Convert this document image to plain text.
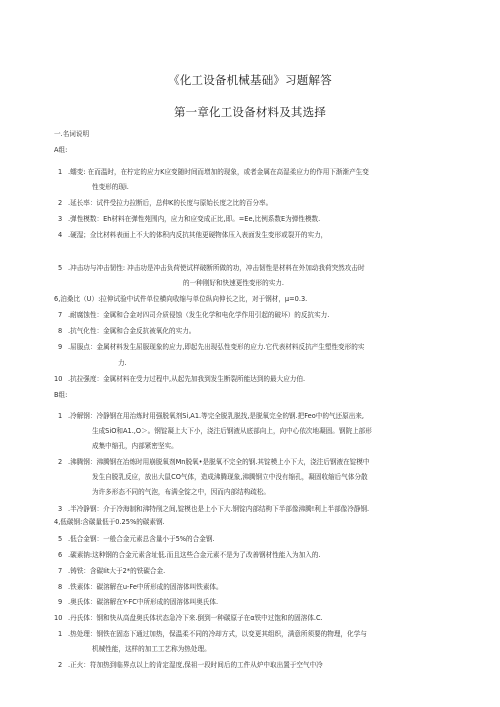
《化工设备机械基础》习题解答
第一章化工设备材料及其选择
一.名词说明
A组:
1 .蠕变: 在而温时，在柠定的应力K应变随时间而增加的现象，或者金属在高湿柔应力的作用下渐渐产生变
性变形的现i.
2 .延长率：试件受拉力拉断后，总伸K的长度与原始长度之比的百分率。
3 .弹性模数：Eh材料在弹性苑围内，应力和应变成正比,即。=Ee,比例系数E为弹性模数.
4 .硬湿；佥比材料表面上不大的体积内反抗其他更硬物体压入表面发生变形或裂开的实力，
5 .冲击功与冲击韧性: 冲击功是冲击负荷使试样破断所做的功，冲击韧性是材料在外加动我荷突然攻击时
的一种刚好和快速更性变形的实力.
6,泊桑比（U）:拉伸试验中试件单位横向收缩与单位纵向伸长之比，对于钢材，μ=0.3.
7 .耐腐蚀性：金属和合金对四司介质侵蚀（发生化学和电化学作用引起的破坏）的反抗实力.
8 .抗气化性：金属和合金反抗被氧化的实力。
9 .屈服点：金属材料发生屈服现象的应力,即起先出现弘性变形的应力.它代表材料反抗产生塑性变形的实
力.
10 .抗拉强度：金属材料在受力过程中,从起先加我到发生断裂所能达到的最大应力伯.
B组:
1 .冷解钢：冷静钢在用治炼时用强脱氧剂Si,A1.等完全脱乳脱找,是脱氧完全的钢.把Feo中的气还原出来,
生成SiO和A1.,O＞。钢锭凝上大下小，浇注后钢液从底部向上，向中心依次地凝固。钢院上部形
成集中缩孔，内部紧密坚实。
2 .沸腾钢：沸腾钢在冶炼时用崩脱氧剂Mn脱氧•是脱氧不完全的钢.其锭模上小下大，浇注后钢液在锭模中
发生自脱乳反应，放出大鼠CO气体，造成沸腾现象,沸腾钢立中没有缩孔，凝固收缩后气体分散
为许多形态不同的气泡，布满全锭之中，因而内部结构疏松。
3 .半冷静钢：介于冷海制和沸特削之间,锭模也是上小下大.钢锭内部结枸下半部像沸腾!利上半部像冷静钢.
4,低碳钢:含碳量低于0.25%的碳素钢.
5 .低合金钢：一般合金元素总含量小于5%的合金钢.
6 .碳素钠:这种钢的合金元素含址低.而且这些合金元素不是为了改善钢材性能入为加入的.
7 .铸铁：含碳Iit大于2*的铁碳合金.
8 .铁素体：碳溶解在u-Fe中所形成的固溶体叫铁素体。
9 .奥氏体：碳溶解在Y-FC中所形成的固溶体叫奥氏体.
10 .丹氏体：钢和快从高盘奥氏体状态急冷下来.倒到一种碳原子在α铁中过饱和的固溶体.C.
1 .热处理：钢铁在固态下通过加热，保温柔不同的冷却方式，以变更其组织，满意所须要的物理，化学与
机械性能，这样的加工工艺称为热处理。
2 .正火：符加热到临界点以上的肯定湿度,保祖一段时间后的工件从炉中取出置于空气中冷
